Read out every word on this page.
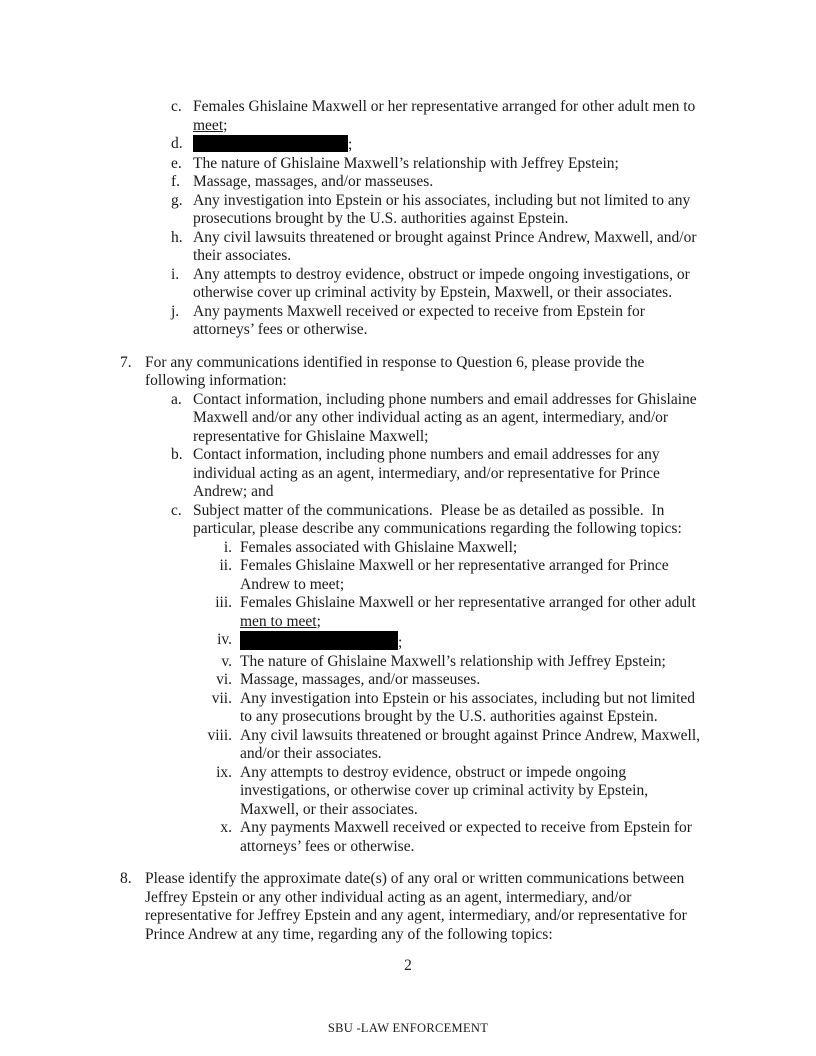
c. Females Ghislaine Maxwell or her representative arranged for other adult men to
meet;
d.	;
e. The nature of Ghislaine Maxwell’s relationship with Jeffrey Epstein;
f. Massage, massages, and/or masseuses.
g. Any investigation into Epstein or his associates, including but not limited to any
prosecutions brought by the U.S. authorities against Epstein.
h. Any civil lawsuits threatened or brought against Prince Andrew, Maxwell, and/or
their associates.
i. Any attempts to destroy evidence, obstruct or impede ongoing investigations, or
otherwise cover up criminal activity by Epstein, Maxwell, or their associates.
j. Any payments Maxwell received or expected to receive from Epstein for
attorneys’ fees or otherwise.
7. For any communications identified in response to Question 6, please provide the
following information:
a. Contact information, including phone numbers and email addresses for Ghislaine
Maxwell and/or any other individual acting as an agent, intermediary, and/or
representative for Ghislaine Maxwell;
b. Contact information, including phone numbers and email addresses for any
individual acting as an agent, intermediary, and/or representative for Prince
Andrew; and
c. Subject matter of the communications.  Please be as detailed as possible.  In
particular, please describe any communications regarding the following topics:
i. Females associated with Ghislaine Maxwell;
ii. Females Ghislaine Maxwell or her representative arranged for Prince
Andrew to meet;
iii. Females Ghislaine Maxwell or her representative arranged for other adult
men to meet;
iv.	;
v. The nature of Ghislaine Maxwell’s relationship with Jeffrey Epstein;
vi. Massage, massages, and/or masseuses.
vii. Any investigation into Epstein or his associates, including but not limited
to any prosecutions brought by the U.S. authorities against Epstein.
viii. Any civil lawsuits threatened or brought against Prince Andrew, Maxwell,
and/or their associates.
ix. Any attempts to destroy evidence, obstruct or impede ongoing
investigations, or otherwise cover up criminal activity by Epstein,
Maxwell, or their associates.
x. Any payments Maxwell received or expected to receive from Epstein for
attorneys’ fees or otherwise.
8. Please identify the approximate date(s) of any oral or written communications between
Jeffrey Epstein or any other individual acting as an agent, intermediary, and/or
representative for Jeffrey Epstein and any agent, intermediary, and/or representative for
Prince Andrew at any time, regarding any of the following topics:
2
SBU -LAW ENFORCEMENT
